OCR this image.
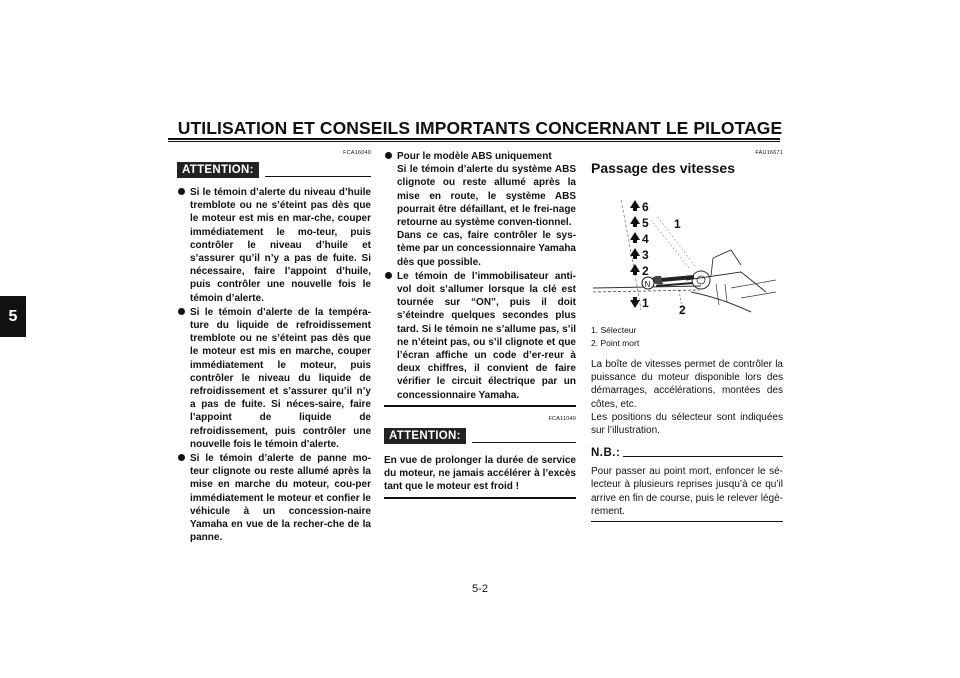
UTILISATION ET CONSEILS IMPORTANTS CONCERNANT LE PILOTAGE
5
FCA16040
ATTENTION:
Si le témoin d’alerte du niveau d’huile tremblote ou ne s’éteint pas dès que le moteur est mis en mar-che, couper immédiatement le mo-teur, puis contrôler le niveau d’huile et s’assurer qu’il n’y a pas de fuite. Si nécessaire, faire l’appoint d’huile, puis contrôler une nouvelle fois le témoin d’alerte.
Si le témoin d’alerte de la tempéra-ture du liquide de refroidissement tremblote ou ne s’éteint pas dès que le moteur est mis en marche, couper immédiatement le moteur, puis contrôler le niveau du liquide de refroidissement et s’assurer qu’il n’y a pas de fuite. Si néces-saire, faire l’appoint de liquide de refroidissement, puis contrôler une nouvelle fois le témoin d’alerte.
Si le témoin d’alerte de panne mo-teur clignote ou reste allumé après la mise en marche du moteur, cou-per immédiatement le moteur et confier le véhicule à un concession-naire Yamaha en vue de la recher-che de la panne.
Pour le modèle ABS uniquement
Si le témoin d’alerte du système ABS clignote ou reste allumé après la mise en route, le système ABS pourrait être défaillant, et le frei-nage retourne au système conven-tionnel.
Dans ce cas, faire contrôler le sys-tème par un concessionnaire Yamaha dès que possible.
Le témoin de l’immobilisateur anti-vol doit s’allumer lorsque la clé est tournée sur “ON”, puis il doit s’éteindre quelques secondes plus tard. Si le témoin ne s’allume pas, s’il ne n’éteint pas, ou s’il clignote et que l’écran affiche un code d’er-reur à deux chiffres, il convient de faire vérifier le circuit électrique par un concessionnaire Yamaha.
FCA11040
ATTENTION:
En vue de prolonger la durée de service du moteur, ne jamais accélérer à l’excès tant que le moteur est froid !
FAU16671
Passage des vitesses
6
5
4
3
2
N
1
1
2
1. Sélecteur
2. Point mort
La boîte de vitesses permet de contrôler la puissance du moteur disponible lors des démarrages, accélérations, montées des côtes, etc.
Les positions du sélecteur sont indiquées sur l’illustration.
N.B.:
Pour passer au point mort, enfoncer le sé-lecteur à plusieurs reprises jusqu’à ce qu’il arrive en fin de course, puis le relever légè-rement.
5-2
